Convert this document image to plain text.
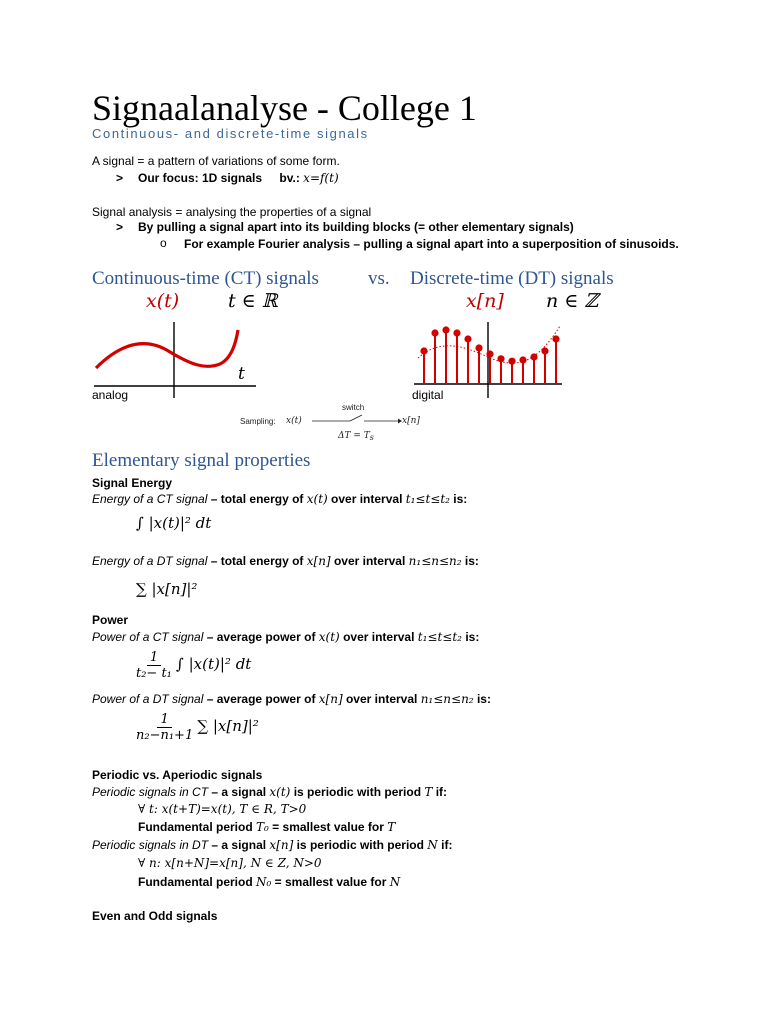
Signaalanalyse - College 1
Continuous- and discrete-time signals
A signal = a pattern of variations of some form.
> Our focus: 1D signals bv.: x=f(t)
Signal analysis = analysing the properties of a signal
> By pulling a signal apart into its building blocks (= other elementary signals)
o For example Fourier analysis – pulling a signal apart into a superposition of sinusoids.
Continuous-time (CT) signals	vs. Discrete-time (DT) signals
x(t)	t ∈ ℝ	x[n] n ∈ ℤ
t
analog	digital
Sampling: x(t)
switch
x[n]
ΔT = Ts
Elementary signal properties
Signal Energy
Energy of a CT signal – total energy of x(t) over interval t₁≤t≤t₂ is:
∫ |x(t)|² dt
Energy of a DT signal – total energy of x[n] over interval n₁≤n≤n₂ is:
∑ |x[n]|²
Power
Power of a CT signal – average power of x(t) over interval t₁≤t≤t₂ is:
$\frac{1}{\text{t₂− t₁}}$ ∫ |x(t)|² dt
Power of a DT signal – average power of x[n] over interval n₁≤n≤n₂ is:
$\frac{1}{\text{n₂−n₁+1}}$ ∑ |x[n]|²
Periodic vs. Aperiodic signals
Periodic signals in CT – a signal x(t) is periodic with period T if:
∀ t: x(t+T)=x(t), T ∈ R, T>0
Fundamental period T₀ = smallest value for T
Periodic signals in DT – a signal x[n] is periodic with period N if:
∀ n: x[n+N]=x[n], N ∈ Z, N>0
Fundamental period N₀ = smallest value for N
Even and Odd signals
